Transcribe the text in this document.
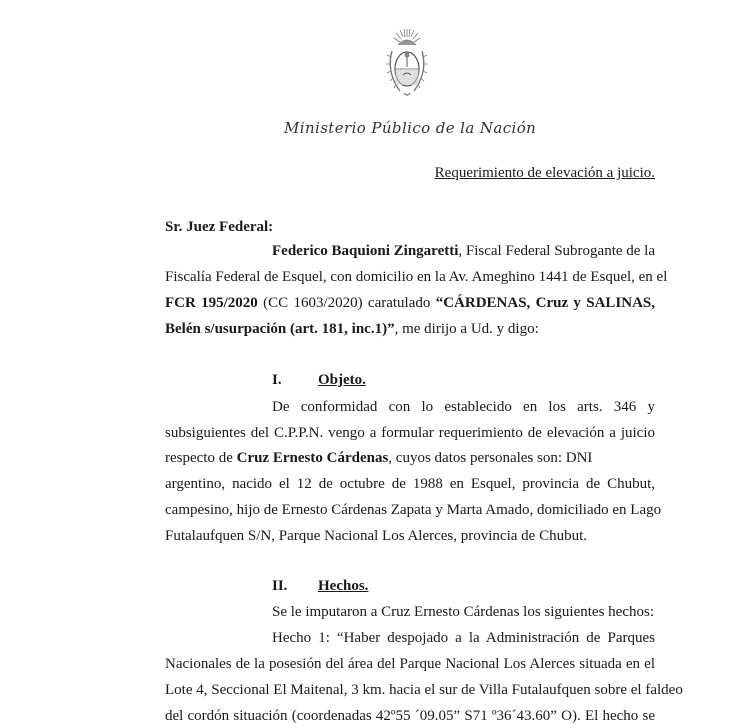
Ministerio Público de la Nación
Requerimiento de elevación a juicio.
Sr. Juez Federal:
Federico Baquioni Zingaretti, Fiscal Federal Subrogante de la
Fiscalía Federal de Esquel, con domicilio en la Av. Ameghino 1441 de Esquel, en el
FCR 195/2020 (CC 1603/2020) caratulado “CÁRDENAS, Cruz y SALINAS,
Belén s/usurpación (art. 181, inc.1)”, me dirijo a Ud. y digo:
I. Objeto.
De conformidad con lo establecido en los arts. 346 y
subsiguientes del C.P.P.N. vengo a formular requerimiento de elevación a juicio
respecto de Cruz Ernesto Cárdenas, cuyos datos personales son: DNI
argentino, nacido el 12 de octubre de 1988 en Esquel, provincia de Chubut,
campesino, hijo de Ernesto Cárdenas Zapata y Marta Amado, domiciliado en Lago
Futalaufquen S/N, Parque Nacional Los Alerces, provincia de Chubut.
II. Hechos.
Se le imputaron a Cruz Ernesto Cárdenas los siguientes hechos:
Hecho 1: “Haber despojado a la Administración de Parques
Nacionales de la posesión del área del Parque Nacional Los Alerces situada en el
Lote 4, Seccional El Maitenal, 3 km. hacia el sur de Villa Futalaufquen sobre el faldeo
del cordón situación (coordenadas 42º55 ´09.05” S71 º36´43.60” O). El hecho se
